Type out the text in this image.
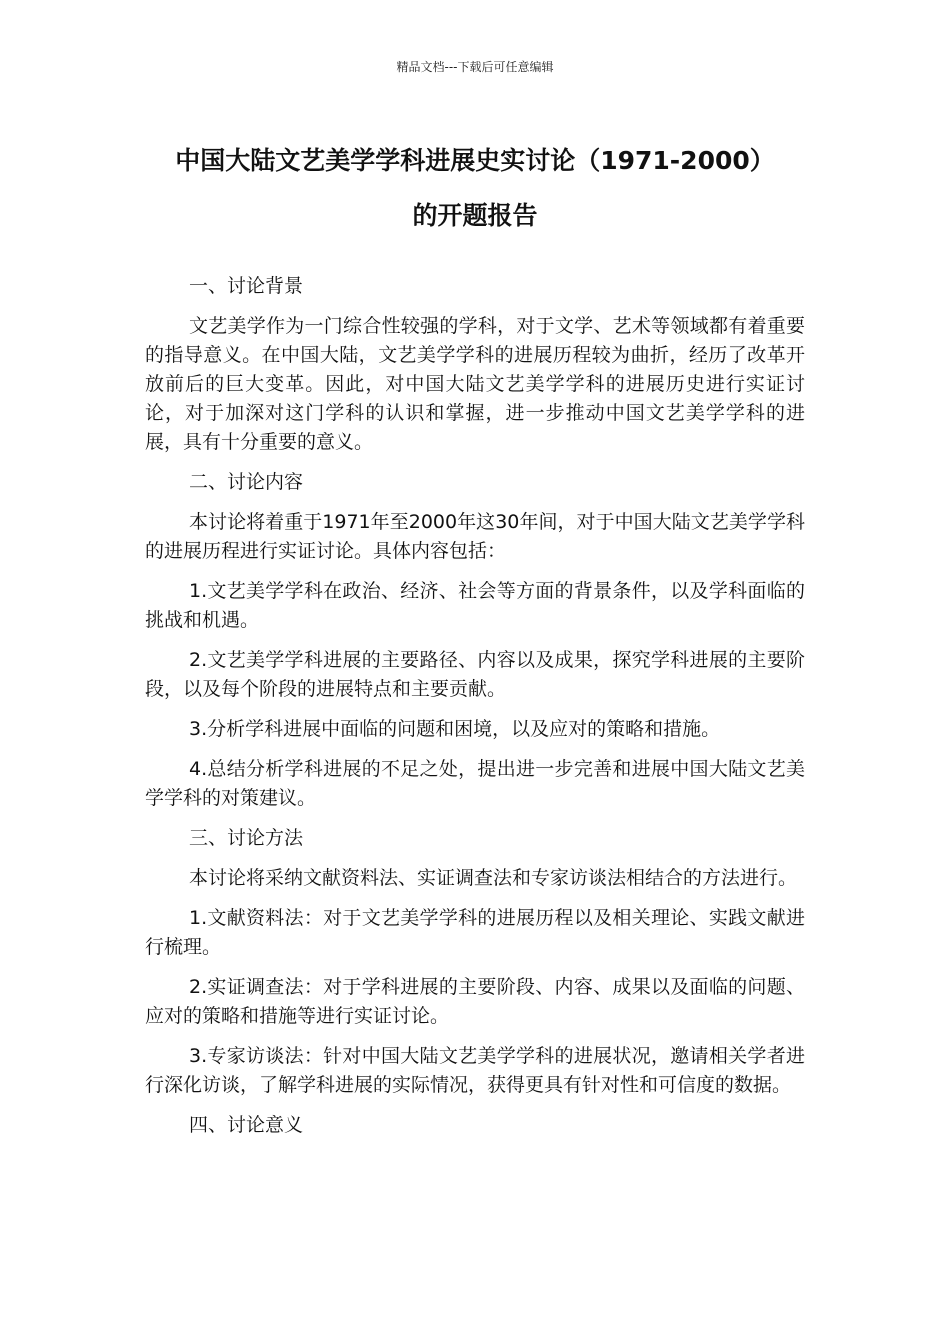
精品文档---下载后可任意编辑
中国大陆文艺美学学科进展史实讨论（1971-2000）
的开题报告

一、讨论背景

文艺美学作为一门综合性较强的学科，对于文学、艺术等领域都有着重要的指导意义。在中国大陆，文艺美学学科的进展历程较为曲折，经历了改革开放前后的巨大变革。因此，对中国大陆文艺美学学科的进展历史进行实证讨论，对于加深对这门学科的认识和掌握，进一步推动中国文艺美学学科的进展，具有十分重要的意义。

二、讨论内容

本讨论将着重于1971年至2000年这30年间，对于中国大陆文艺美学学科的进展历程进行实证讨论。具体内容包括：

1.文艺美学学科在政治、经济、社会等方面的背景条件，以及学科面临的挑战和机遇。

2.文艺美学学科进展的主要路径、内容以及成果，探究学科进展的主要阶段，以及每个阶段的进展特点和主要贡献。

3.分析学科进展中面临的问题和困境，以及应对的策略和措施。

4.总结分析学科进展的不足之处，提出进一步完善和进展中国大陆文艺美学学科的对策建议。

三、讨论方法

本讨论将采纳文献资料法、实证调查法和专家访谈法相结合的方法进行。

1.文献资料法：对于文艺美学学科的进展历程以及相关理论、实践文献进行梳理。

2.实证调查法：对于学科进展的主要阶段、内容、成果以及面临的问题、应对的策略和措施等进行实证讨论。

3.专家访谈法：针对中国大陆文艺美学学科的进展状况，邀请相关学者进行深化访谈，了解学科进展的实际情况，获得更具有针对性和可信度的数据。

四、讨论意义
